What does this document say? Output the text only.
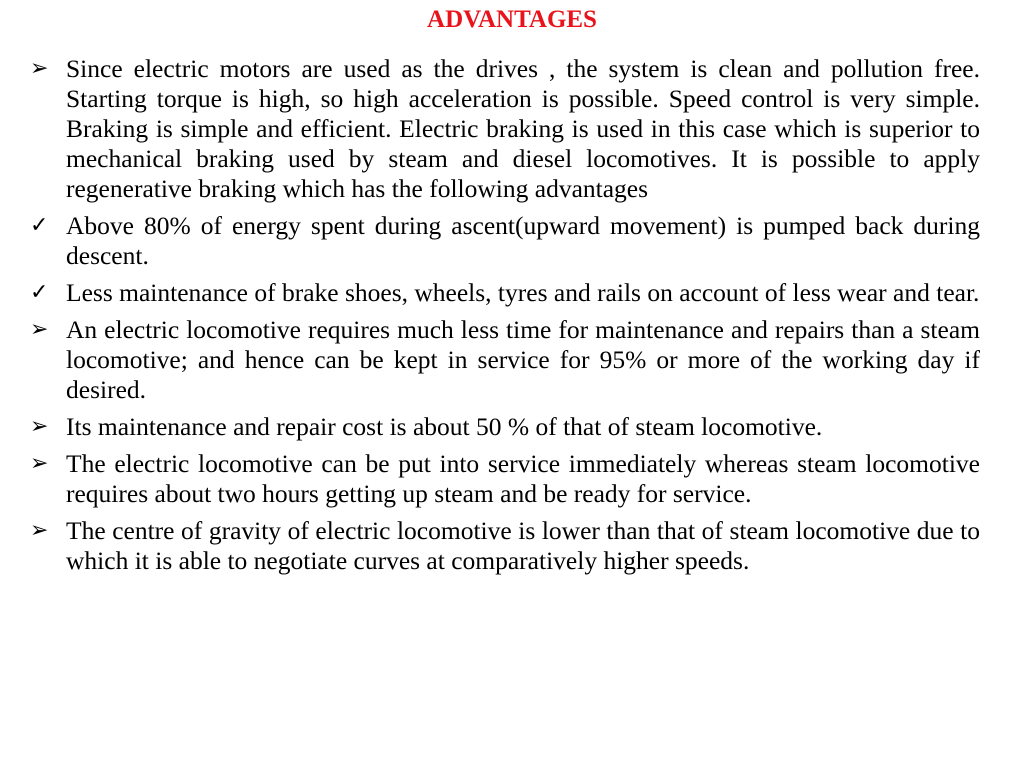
ADVANTAGES
➢ Since electric motors are used as the drives , the system is clean and pollution free. Starting torque is high, so high acceleration is possible. Speed control is very simple. Braking is simple and efficient. Electric braking is used in this case which is superior to mechanical braking used by steam and diesel locomotives. It is possible to apply regenerative braking which has the following advantages
✓ Above 80% of energy spent during ascent(upward movement) is pumped back during descent.
✓ Less maintenance of brake shoes, wheels, tyres and rails on account of less wear and tear.
➢ An electric locomotive requires much less time for maintenance and repairs than a steam locomotive; and hence can be kept in service for 95% or more of the working day if desired.
➢ Its maintenance and repair cost is about 50 % of that of steam locomotive.
➢ The electric locomotive can be put into service immediately whereas steam locomotive requires about two hours getting up steam and be ready for service.
➢ The centre of gravity of electric locomotive is lower than that of steam locomotive due to which it is able to negotiate curves at comparatively higher speeds.
